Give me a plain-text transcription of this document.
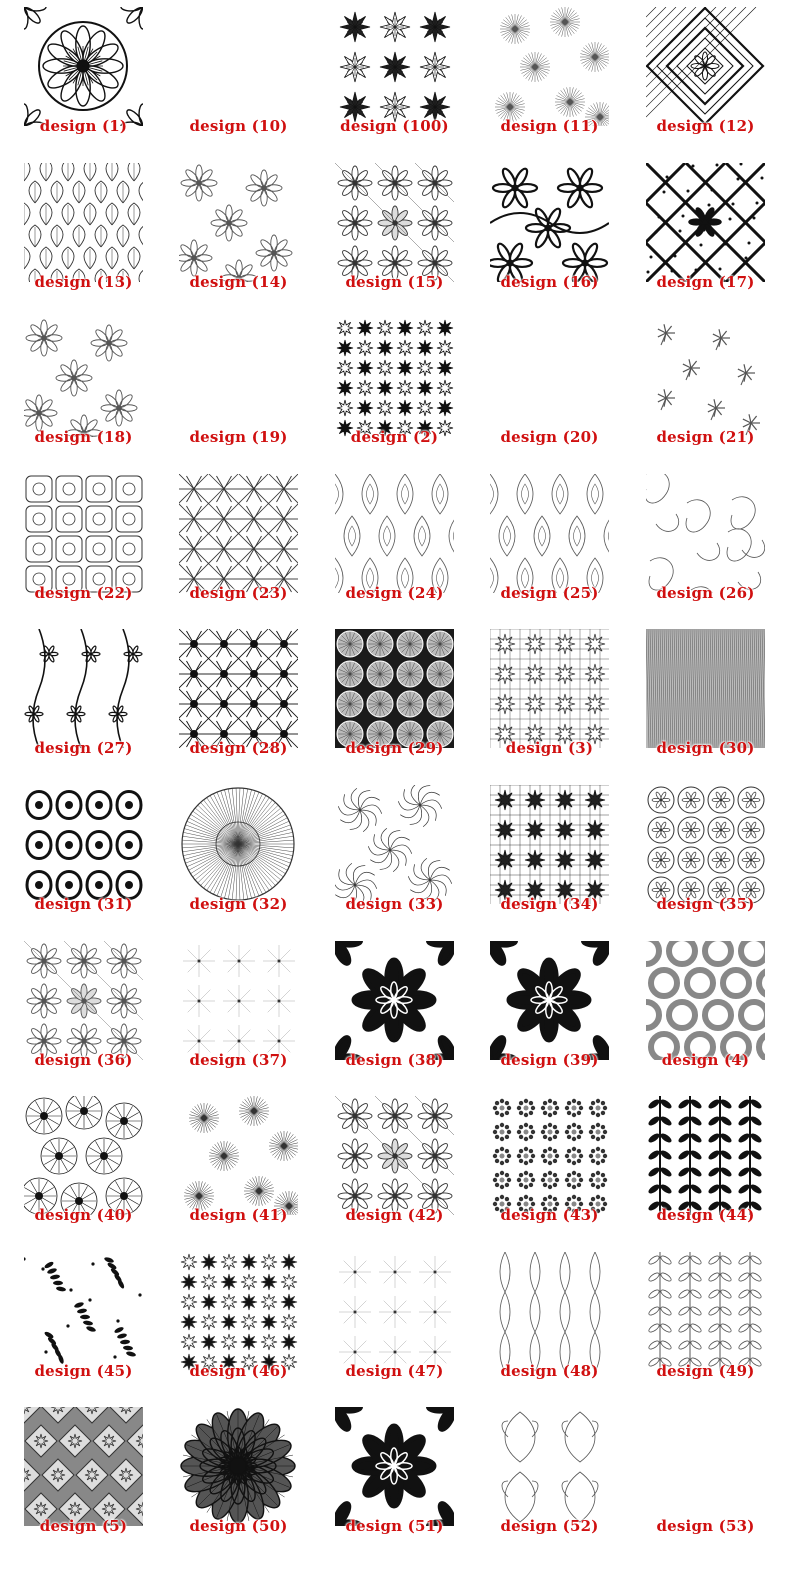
design (1)	design (10)	design (100)	design (11)	design (12)
design (13)	design (14)	design (15)	design (16)	design (17)
design (18)	design (19)	design (2)	design (20)	design (21)
design (22)	design (23)	design (24)	design (25)	design (26)
design (27)	design (28)	design (29)	design (3)	design (30)
design (31)	design (32)	design (33)	design (34)	design (35)
design (36)	design (37)	design (38)	design (39)	design (4)
design (40)	design (41)	design (42)	design (43)	design (44)
design (45)	design (46)	design (47)	design (48)	design (49)
design (5)	design (50)	design (51)	design (52)	design (53)
